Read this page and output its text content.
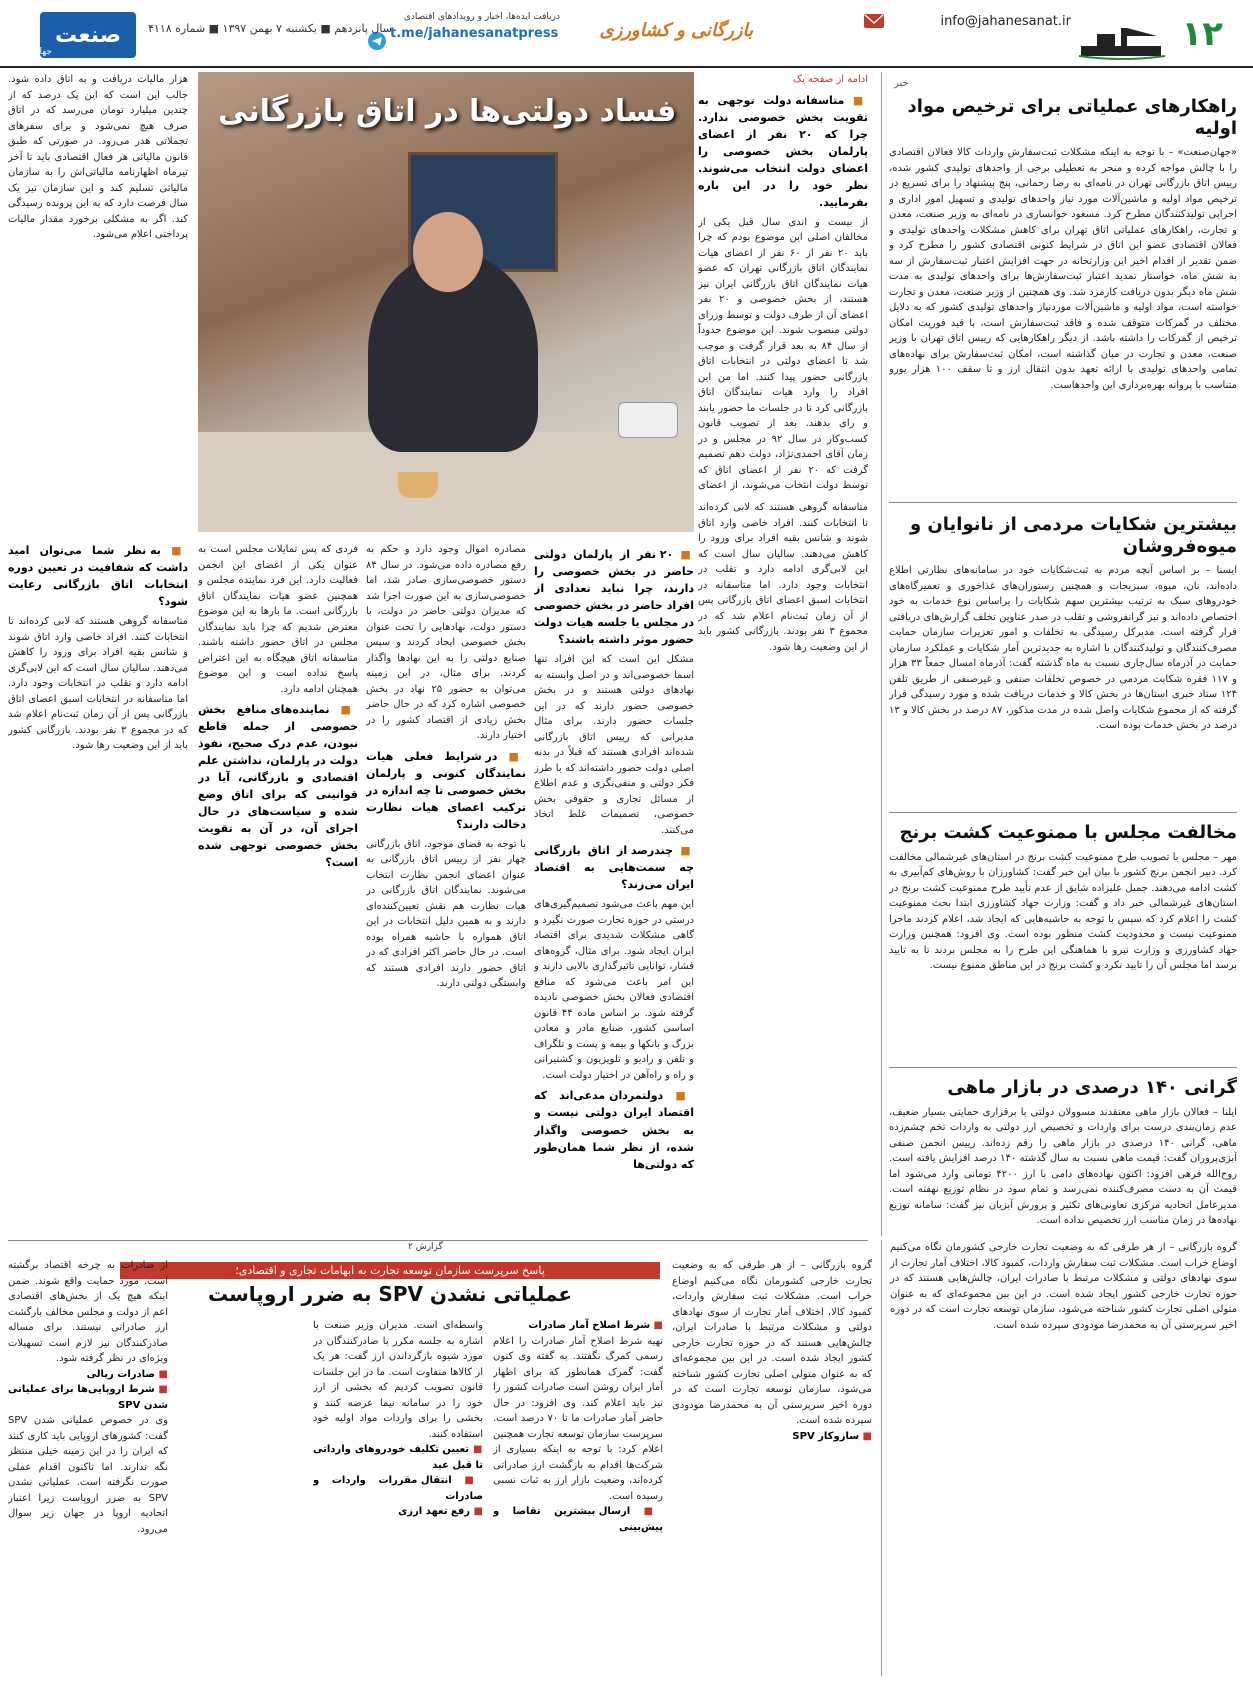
۱۲
info@jahanesanat.ir
بازرگانی و کشاورزی
دریافت ایده‌ها، اخبار و رویدادهای اقتصادی
t.me/jahanesanatpress
سال پانزدهم ■ یکشنبه ۷ بهمن ۱۳۹۷ ■ شماره ۴۱۱۸
صنعت
جها
خبر
راهکارهای عملیاتی برای ترخیص مواد اولیه
«جهان‌صنعت» – با توجه به اینکه مشکلات ثبت‌سفارش واردات کالا فعالان اقتصادی را با چالش مواجه کرده و منجر به تعطیلی برخی از واحدهای تولیدی کشور شده، رییس اتاق بازرگانی تهران در نامه‌ای به رضا رحمانی، پنج پیشنهاد را برای تسریع در ترخیص مواد اولیه و ماشین‌آلات مورد نیاز واحدهای تولیدی و تسهیل امور اداری و اجرایی تولیدکنندگان مطرح کرد. مسعود خوانساری در نامه‌ای به وزیر صنعت، معدن و تجارت، راهکارهای عملیاتی اتاق تهران برای کاهش مشکلات واحدهای تولیدی و فعالان اقتصادی عضو این اتاق در شرایط کنونی اقتصادی کشور را مطرح کرد و ضمن تقدیر از اقدام اخیر این وزارتخانه در جهت افزایش اعتبار ثبت‌سفارش از سه به شش ماه، خواستار تمدید اعتبار ثبت‌سفارش‌ها برای واحدهای تولیدی به مدت شش ماه دیگر بدون دریافت کارمزد شد. وی همچنین از وزیر صنعت، معدن و تجارت خواسته است، مواد اولیه و ماشین‌آلات موردنیاز واحدهای تولیدی کشور که به دلایل مختلف در گمرکات متوقف شده و فاقد ثبت‌سفارش است، با قید فوریت امکان ترخیص از گمرکات را داشته باشد. از دیگر راهکارهایی که رییس اتاق تهران با وزیر صنعت، معدن و تجارت در میان گذاشته است، امکان ثبت‌سفارش برای نهاده‌های تمامی واحدهای تولیدی با ارائه تعهد بدون انتقال ارز و تا سقف ۱۰۰ هزار یورو متناسب با پروانه بهره‌برداری این واحدهاست.
بیشترین شکایات مردمی از نانوایان و میوه‌فروشان
ایسنا – بر اساس آنچه مردم به ثبت‌شکایات خود در سامانه‌های نظارتی اطلاع داده‌اند، نان، میوه، سبزیجات و همچنین رستوران‌های غذاخوری و تعمیرگاه‌های خودروهای سبک به ترتیب بیشترین سهم شکایات را براساس نوع خدمات به خود اختصاص داده‌اند و نیز گرانفروشی و تقلب در صدر عناوین تخلف گزارش‌های دریافتی قرار گرفته است. مدیرکل رسیدگی به تخلفات و امور تعزیرات سازمان حمایت مصرف‌کنندگان و تولیدکنندگان با اشاره به جدیدترین آمار شکایات و عملکرد سازمان حمایت در آذرماه سال‌جاری نسبت به ماه گذشته گفت: آذرماه امسال جمعاً ۳۳ هزار و ۱۱۷ فقره شکایت مردمی در خصوص تخلفات صنفی و غیرصنفی از طریق تلفن ۱۲۴ ستاد خبری استان‌ها در بخش کالا و خدمات دریافت شده و مورد رسیدگی قرار گرفته که از مجموع شکایات واصل شده در مدت مذکور، ۸۷ درصد در بخش کالا و ۱۳ درصد در بخش خدمات بوده است.
مخالفت مجلس با ممنوعیت کشت برنج
مهر – مجلس با تصویب طرح ممنوعیت کشت برنج در استان‌های غیرشمالی مخالفت کرد. دبیر انجمن برنج کشور با بیان این خبر گفت: کشاورزان با روش‌های کم‌آبیری به کشت ادامه می‌دهند. جمیل علیزاده شایق از عدم تأیید طرح ممنوعیت کشت برنج در استان‌های غیرشمالی خبر داد و گفت: وزارت جهاد کشاورزی ابتدا بحث ممنوعیت کشت را اعلام کرد که سپس با توجه به حاشیه‌هایی که ایجاد شد، اعلام کردند ماجرا ممنوعیت نیست و محدودیت کشت منظور بوده است. وی افزود: همچنین وزارت جهاد کشاورزی و وزارت نیرو با هماهنگی این طرح را به مجلس بردند تا به تایید برسد اما مجلس آن را تایید نکرد و کشت برنج در این مناطق ممنوع نیست.
گرانی ۱۴۰ درصدی در بازار ماهی
ایلنا – فعالان بازار ماهی معتقدند مسوولان دولتی با برقراری حمایتی بسیار ضعیف، عدم زمان‌بندی درست برای واردات و تخصیص ارز دولتی به واردات تخم چشم‌زده ماهی، گرانی ۱۴۰ درصدی در بازار ماهی را رقم زده‌اند. رییس انجمن صنفی آبزی‌پروران گفت: قیمت ماهی نسبت به سال گذشته ۱۴۰ درصد افزایش یافته است. روح‌الله فرهی افزود: اکنون نهاده‌های دامی با ارز ۴۲۰۰ تومانی وارد می‌شود اما قیمت آن به دست مصرف‌کننده نمی‌رسد و تمام سود در نظام توزیع نهفته است. مدیرعامل اتحادیه مرکزی تعاونی‌های تکثیر و پرورش آبزیان نیز گفت: سامانه توزیع نهاده‌ها در زمان مناسب ارز تخصیص نداده است.
ادامه از صفحه یک
■ متاسفانه دولت توجهی به تقویت بخش خصوصی ندارد. چرا که ۲۰ نفر از اعضای پارلمان بخش خصوصی را اعضای دولت انتخاب می‌شوند. نظر خود را در این باره بفرمایید.
از بیست و اندی سال قبل یکی از مخالفان اصلی این موضوع بودم که چرا باید ۲۰ نفر از ۶۰ نفر از اعضای هیات نمایندگان اتاق بازرگانی تهران که عضو هیات نمایندگان اتاق بازرگانی ایران نیز هستند، از بخش خصوصی و ۲۰ نفر اعضای آن از طرف دولت و توسط وزرای دولتی منصوب شوند. این موضوع حدوداً از سال ۸۴ به بعد قرار گرفت و موجب شد تا اعضای دولتی در انتخابات اتاق بازرگانی حضور پیدا کنند. اما من این افراد را وارد هیات نمایندگان اتاق بازرگانی کرد تا در جلسات ما حضور یابند و رای بدهند. بعد از تصویب قانون کسب‌وکار در سال ۹۲ در مجلس و در زمان آقای احمدی‌نژاد، دولت دهم تصمیم گرفت که ۲۰ نفر از اعضای اتاق که توسط دولت انتخاب می‌شوند، از اعضای
متاسفانه گروهی هستند که لابی کرده‌اند تا انتخابات کنند. افراد خاصی وارد اتاق شوند و شانس بقیه افراد برای ورود را کاهش می‌دهند. سالیان سال است که این لابی‌گری ادامه دارد و تقلب در انتخابات وجود دارد. اما متاسفانه در انتخابات اسبق اعضای اتاق بازرگانی پس از آن زمان ثبت‌نام اعلام شد که در مجموع ۳ نفر بودند. بازرگانی کشور باید از این وضعیت رها شود.
فساد دولتی‌ها در اتاق بازرگانی
هزار مالیات دریافت و به اتاق داده شود. جالب این است که این یک درصد که از چندین میلیارد تومان می‌رسد که در اتاق صرف هیچ نمی‌شود و برای سفرهای تجملاتی هدر می‌رود. در صورتی که طبق قانون مالیاتی هر فعال اقتصادی باید تا آخر تیرماه اظهارنامه مالیاتی‌اش را به سازمان مالیاتی تسلیم کند و این سازمان تیز یک سال فرصت دارد که به این پرونده رسیدگی کند. اگر به مشکلی برخورد مقدار مالیات پرداختی اعلام می‌شود.
■ به نظر شما می‌توان امید داشت که شفافیت در تعیین دوره انتخابات اتاق بازرگانی رعایت شود؟
متاسفانه گروهی هستند که لابی کرده‌اند تا انتخابات کنند. افراد خاصی وارد اتاق شوند و شانس بقیه افراد برای ورود را کاهش می‌دهند. سالیان سال است که این لابی‌گری ادامه دارد و تقلب در انتخابات وجود دارد. اما متاسفانه در انتخابات اسبق اعضای اتاق بازرگانی پس از آن زمان ثبت‌نام اعلام شد که در مجموع ۳ نفر بودند. بازرگانی کشور باید از این وضعیت رها شود.
■ ۲۰ نفر از پارلمان دولتی حاضر در بخش خصوصی را دارند، چرا نباید تعدادی از افراد حاضر در بخش خصوصی در مجلس یا جلسه هیات دولت حضور موثر داشته باشند؟
مشکل این است که این افراد تنها اسما خصوصی‌اند و در اصل وابسته به نهادهای دولتی هستند و در بخش خصوصی حضور دارند که در این جلسات حضور دارند. برای مثال مدیرانی که رییس اتاق بازرگانی شده‌اند افرادی هستند که قبلاً در بدنه اصلی دولت حضور داشته‌اند که با طرز فکر دولتی و منفی‌نگری و عدم اطلاع از مسائل تجاری و حقوقی بخش خصوصی، تصمیمات غلط اتخاذ می‌کنند.
■ چندرصد از اتاق بازرگانی چه سمت‌هایی به اقتصاد ایران می‌زند؟
این مهم باعث می‌شود تصمیم‌گیری‌های درستی در حوزه تجارت صورت نگیرد و گاهی مشکلات شدیدی برای اقتصاد ایران ایجاد شود. برای مثال، گروه‌های فشار، توانایی تاثیرگذاری بالایی دارند و این امر باعث می‌شود که منافع اقتصادی فعالان بخش خصوصی نادیده گرفته شود. بر اساس ماده ۴۴ قانون اساسی کشور، صنایع مادر و معادن بزرگ و بانکها و بیمه و پست و تلگراف و تلفن و رادیو و تلویزیون و کشتیرانی و راه و راه‌آهن در اختیار دولت است.
■ دولتمردان مدعی‌اند که اقتصاد ایران دولتی نیست و به بخش خصوصی واگذار شده، از نظر شما همان‌طور که دولتی‌ها
مصادره اموال وجود دارد و حکم به رفع مصادره داده می‌شود. در سال ۸۴ دستور خصوصی‌سازی صادر شد، اما خصوصی‌سازی به این صورت اجرا شد که مدیران دولتی حاضر در دولت، با دستور دولت، نهادهایی را تحت عنوان بخش خصوصی ایجاد کردند و سپس صنایع دولتی را به این نهادها واگذار کردند. برای مثال، در این زمینه می‌توان به حضور ۲۵ نهاد در بخش خصوصی اشاره کرد که در حال حاضر بخش زیادی از اقتصاد کشور را در اختیار دارند.
■ در شرایط فعلی هیات نمایندگان کنونی و پارلمان بخش خصوصی تا چه اندازه در ترکیب اعضای هیات نظارت دخالت دارند؟
با توجه به فضای موجود، اتاق بازرگانی چهار نفر از رییس اتاق بازرگانی به عنوان اعضای انجمن نظارت انتخاب می‌شوند. نمایندگان اتاق بازرگانی در هیات نظارت هم نقش تعیین‌کننده‌ای دارند و به همین دلیل انتخابات در این اتاق همواره با حاشیه همراه بوده است. در حال حاضر اکثر افرادی که در اتاق حضور دارند افرادی هستند که وابستگی دولتی دارند.
فردی که پس تمایلات مجلس است به عنوان یکی از اعضای این انجمن فعالیت دارد. این فرد نماینده مجلس و همچنین عضو هیات نمایندگان اتاق بازرگانی است. ما بارها به این موضوع معترض شدیم که چرا باید نمایندگان مجلس در اتاق حضور داشته باشند. متاسفانه اتاق هیچگاه به این اعتراض پاسخ نداده است و این موضوع همچنان ادامه دارد.
■ نماینده‌های منافع بخش خصوصی از جمله قاطع نبودن، عدم درک صحیح، نفوذ دولت در پارلمان، نداشتن علم اقتصادی و بازرگانی، آیا در قوانینی که برای اتاق وضع شده و سیاست‌های در حال اجرای آن، در آن به تقویت بخش خصوصی توجهی شده است؟
گزارش ۲
پاسخ سرپرست سازمان توسعه تجارت به ابهامات تجاری و اقتصادی؛
عملیاتی نشدن SPV به ضرر اروپاست
گروه بازرگانی – از هر طرفی که به وضعیت تجارت خارجی کشورمان نگاه می‌کنیم اوضاع خراب است. مشکلات ثبت سفارش واردات، کمبود کالا، اختلاف آمار تجارت از سوی نهادهای دولتی و مشکلات مرتبط با صادرات ایران، چالش‌هایی هستند که در حوزه تجارت خارجی کشور ایجاد شده است. در این بین مجموعه‌ای که به عنوان متولی اصلی تجارت کشور شناخته می‌شود، سازمان توسعه تجارت است که در دوره اخیر سرپرستی آن به محمدرضا مودودی سپرده شده است.
■ سازوکار SPV
■ شرط اصلاح آمار صادرات
تهیه شرط اصلاح آمار صادرات را اعلام رسمی کمرگ نگفتند. به گفته وی کنون گفت: گمرک همانطور که برای اظهار آمار ایران روشن است صادرات کشور را نیز باید اعلام کند. وی افزود: در حال حاضر آمار صادرات ما تا ۷۰ درصد است. سرپرست سازمان توسعه تجارت همچنین اعلام کرد: با توجه به اینکه بسیاری از شرکت‌ها اقدام به بازگشت ارز صادراتی کرده‌اند، وضعیت بازار ارز به ثبات نسبی رسیده است.
■ ارسال بیشترین تقاضا و پیش‌بینی
واسطه‌ای است. مدیران وزیر صنعت با اشاره به جلسه مکرر با صادرکنندگان در مورد شیوه بازگرداندن ارز گفت: هر یک از کالاها متفاوت است. ما در این جلسات قانون تصویب کردیم که بخشی از ارز خود را در سامانه نیما عرضه کنند و بخشی را برای واردات مواد اولیه خود استفاده کنند.
■ تعیین تکلیف خودروهای وارداتی تا قبل عید
■ انتقال مقررات واردات و صادرات
■ رفع تعهد ارزی
از صادرات به چرخه اقتصاد برگشته است. مورد حمایت واقع شوند. ضمن اینکه هیچ یک از بخش‌های اقتصادی اعم از دولت و مجلس مخالف بازگشت ارز صادراتی نیستند. برای مساله صادرکنندگان نیز لازم است تسهیلات ویژه‌ای در نظر گرفته شود.
■ صادرات ریالی
■ شرط اروپایی‌ها برای عملیاتی شدن SPV
وی در خصوص عملیاتی شدن SPV گفت: کشورهای اروپایی باید کاری کنند که ایران را در این زمینه خیلی منتظر نگه ندارند. اما تاکنون اقدام عملی صورت نگرفته است. عملیاتی نشدن SPV به ضرر اروپاست زیرا اعتبار اتحادیه اروپا در جهان زیر سوال می‌رود.
گروه بازرگانی – از هر طرفی که به وضعیت تجارت خارجی کشورمان نگاه می‌کنیم اوضاع خراب است. مشکلات ثبت سفارش واردات، کمبود کالا، اختلاف آمار تجارت از سوی نهادهای دولتی و مشکلات مرتبط با صادرات ایران، چالش‌هایی هستند که در حوزه تجارت خارجی کشور ایجاد شده است. در این بین مجموعه‌ای که به عنوان متولی اصلی تجارت کشور شناخته می‌شود، سازمان توسعه تجارت است که در دوره اخیر سرپرستی آن به محمدرضا مودودی سپرده شده است.
